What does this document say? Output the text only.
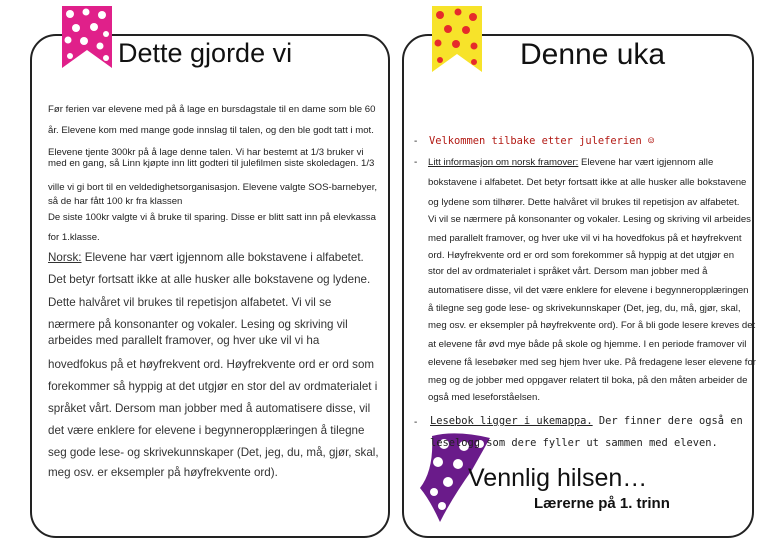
Dette gjorde vi	Denne uka
Før ferien var elevene med på å lage en bursdagstale til en dame som ble 60
år. Elevene kom med mange gode innslag til talen, og den ble godt tatt i mot.
Elevene tjente 300kr på å lage denne talen. Vi har bestemt at 1/3 bruker vi
med en gang, så Linn kjøpte inn litt godteri til julefilmen siste skoledagen. 1/3
ville vi gi bort til en veldedighetsorganisasjon. Elevene valgte SOS-barnebyer,
så de har fått 100 kr fra klassen
De siste 100kr valgte vi å bruke til sparing. Disse er blitt satt inn på elevkassa
for 1.klasse.
Norsk: Elevene har vært igjennom alle bokstavene i alfabetet.
Det betyr fortsatt ikke at alle husker alle bokstavene og lydene.
Dette halvåret vil brukes til repetisjon alfabetet. Vi vil se
nærmere på konsonanter og vokaler. Lesing og skriving vil
arbeides med parallelt framover, og hver uke vil vi ha
hovedfokus på et høyfrekvent ord. Høyfrekvente ord er ord som
forekommer så hyppig at det utgjør en stor del av ordmaterialet i
språket vårt. Dersom man jobber med å automatisere disse, vil
det være enklere for elevene i begynneropplæringen å tilegne
seg gode lese- og skrivekunnskaper (Det, jeg, du, må, gjør, skal,
meg osv. er eksempler på høyfrekvente ord).
- Velkommen tilbake etter juleferien ☺
- Litt informasjon om norsk framover: Elevene har vært igjennom alle
bokstavene i alfabetet. Det betyr fortsatt ikke at alle husker alle bokstavene
og lydene som tilhører. Dette halvåret vil brukes til repetisjon av alfabetet.
Vi vil se nærmere på konsonanter og vokaler. Lesing og skriving vil arbeides
med parallelt framover, og hver uke vil vi ha hovedfokus på et høyfrekvent
ord. Høyfrekvente ord er ord som forekommer så hyppig at det utgjør en
stor del av ordmaterialet i språket vårt. Dersom man jobber med å
automatisere disse, vil det være enklere for elevene i begynneropplæringen
å tilegne seg gode lese- og skrivekunnskaper (Det, jeg, du, må, gjør, skal,
meg osv. er eksempler på høyfrekvente ord). For å bli gode lesere kreves det
at elevene får øvd mye både på skole og hjemme. I en periode framover vil
elevene få lesebøker med seg hjem hver uke. På fredagene leser elevene for
meg og de jobber med oppgaver relatert til boka, på den måten arbeider de
også med leseforståelsen.
- Lesebok ligger i ukemappa. Der finner dere også en
leselogg som dere fyller ut sammen med eleven.
Vennlig hilsen…
Lærerne på 1. trinn
